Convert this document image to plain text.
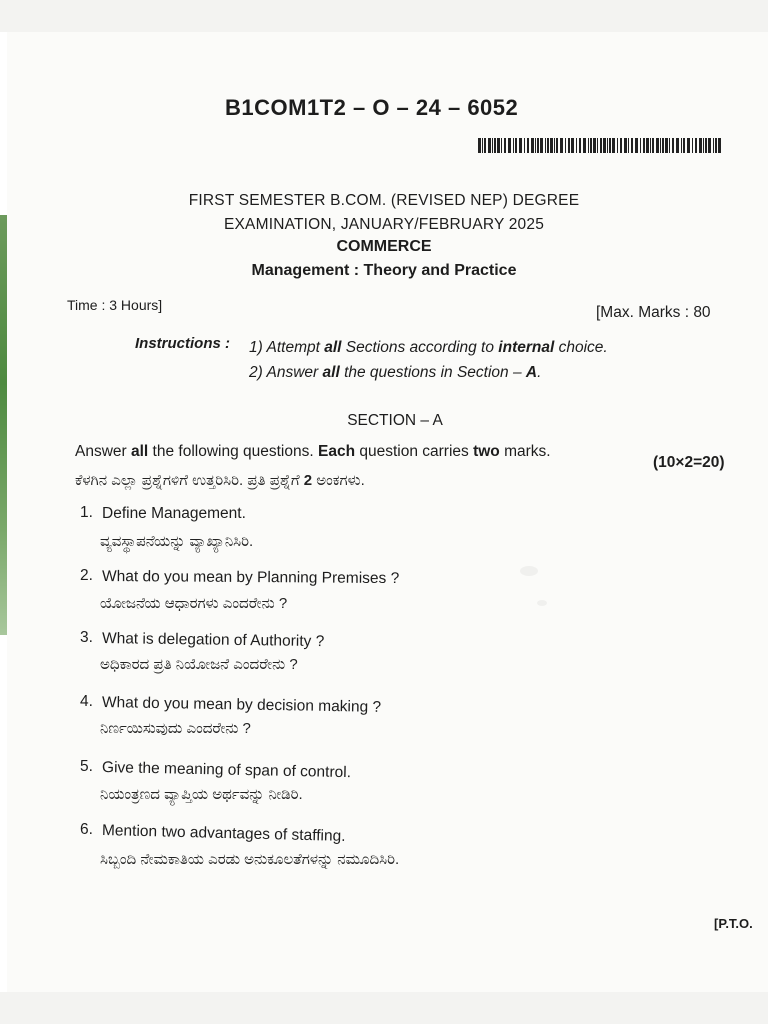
B1COM1T2 – O – 24 – 6052
FIRST SEMESTER B.COM. (REVISED NEP) DEGREE
EXAMINATION, JANUARY/FEBRUARY 2025
COMMERCE
Management : Theory and Practice
Time : 3 Hours]	[Max. Marks : 80
Instructions : 1) Attempt all Sections according to internal choice.
2) Answer all the questions in Section – A.
SECTION – A
Answer all the following questions. Each question carries two marks.
(10×2=20)
ಕೆಳಗಿನ ಎಲ್ಲಾ ಪ್ರಶ್ನೆಗಳಿಗೆ ಉತ್ತರಿಸಿರಿ. ಪ್ರತಿ ಪ್ರಶ್ನೆಗೆ 2 ಅಂಕಗಳು.
1. Define Management.
ವ್ಯವಸ್ಥಾಪನೆಯನ್ನು ವ್ಯಾಖ್ಯಾನಿಸಿರಿ.
2. What do you mean by Planning Premises ?
ಯೋಜನೆಯ ಆಧಾರಗಳು ಎಂದರೇನು ?
3. What is delegation of Authority ?
ಅಧಿಕಾರದ ಪ್ರತಿ ನಿಯೋಜನೆ ಎಂದರೇನು ?
4. What do you mean by decision making ?
ನಿರ್ಣಯಿಸುವುದು ಎಂದರೇನು ?
5. Give the meaning of span of control.
ನಿಯಂತ್ರಣದ ವ್ಯಾಪ್ತಿಯ ಅರ್ಥವನ್ನು ನೀಡಿರಿ.
6. Mention two advantages of staffing.
ಸಿಬ್ಬಂದಿ ನೇಮಕಾತಿಯ ಎರಡು ಅನುಕೂಲತೆಗಳನ್ನು ನಮೂದಿಸಿರಿ.
[P.T.O.
